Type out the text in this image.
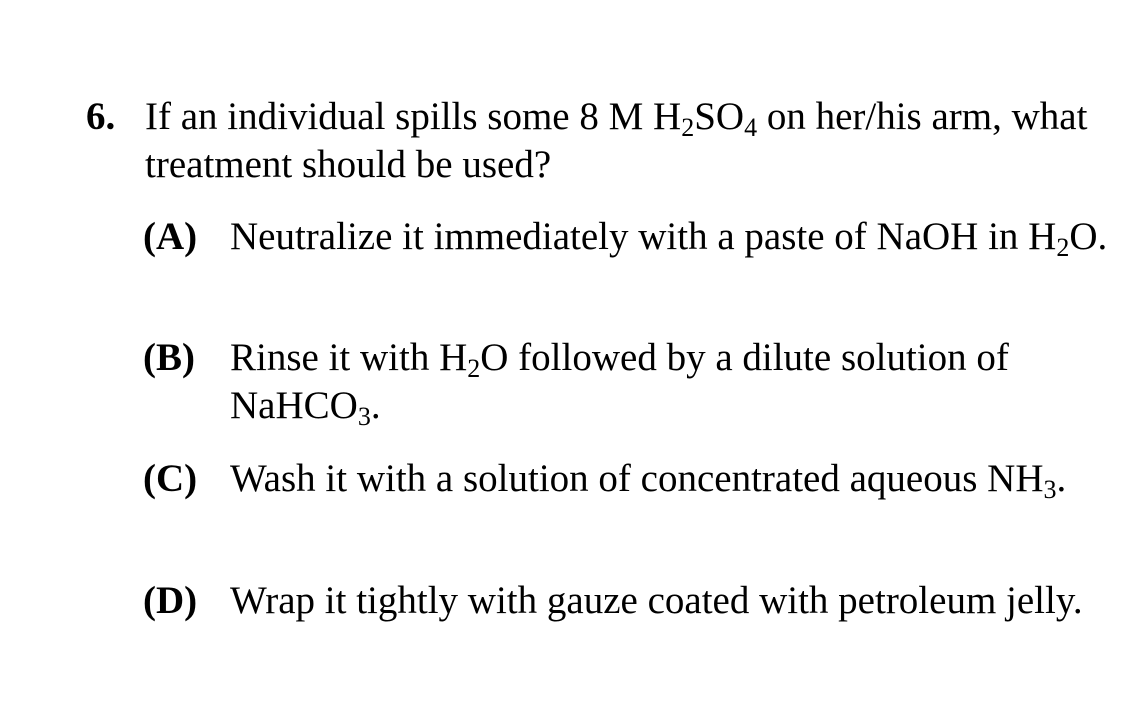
6. If an individual spills some 8 M $H_2SO_4$ on her/his arm, what treatment should be used?
(A) Neutralize it immediately with a paste of NaOH in $H_2O$.
(B) Rinse it with $H_2O$ followed by a dilute solution of NaHCO$_3$.
(C) Wash it with a solution of concentrated aqueous $NH_3$.
(D) Wrap it tightly with gauze coated with petroleum jelly.
